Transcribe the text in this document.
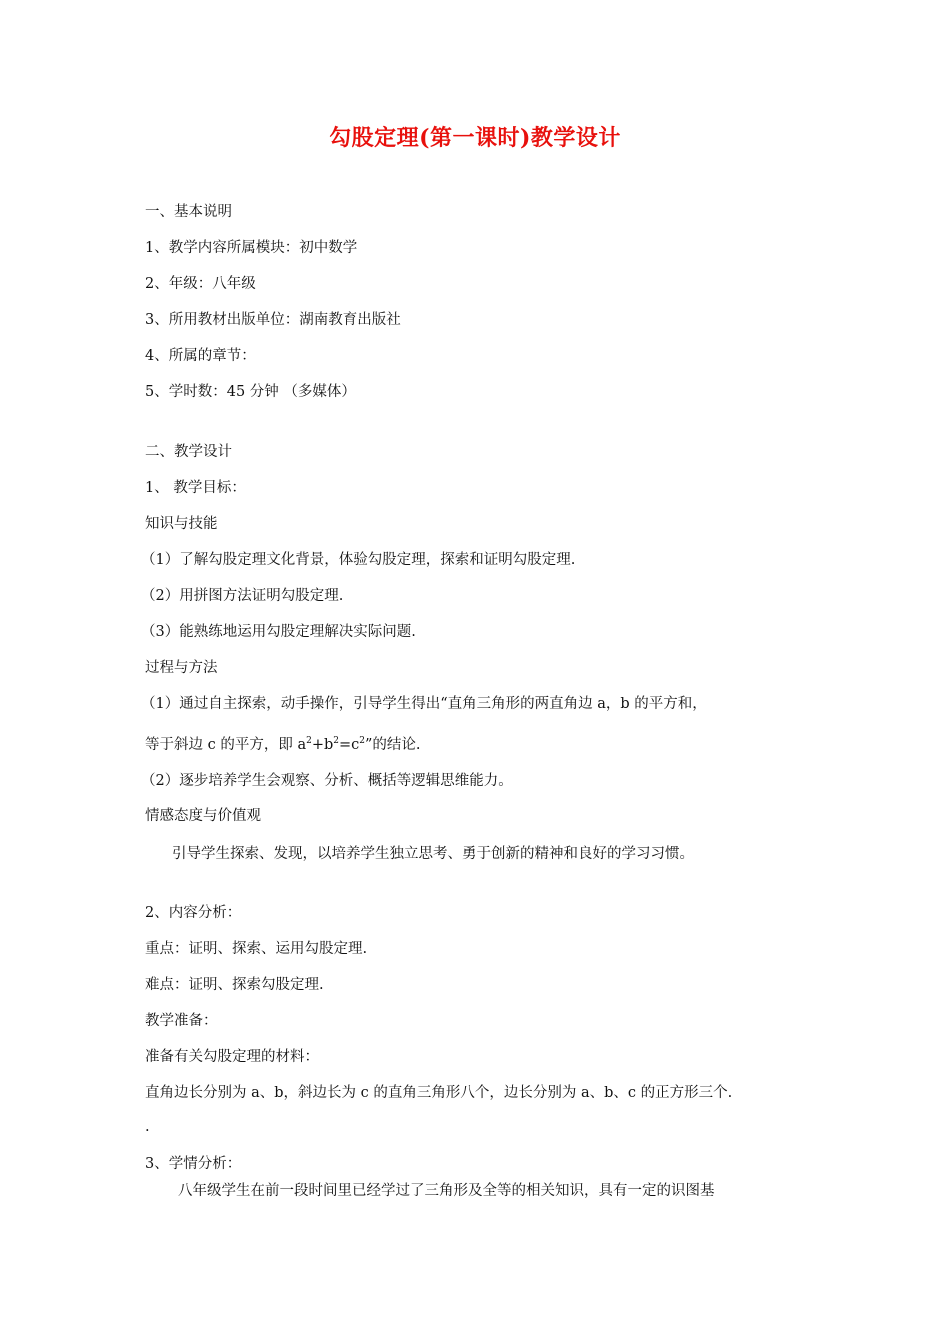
勾股定理(第一课时)教学设计
一、基本说明
1、教学内容所属模块：初中数学
2、年级：八年级
3、所用教材出版单位：湖南教育出版社
4、所属的章节：
5、学时数：45 分钟 （多媒体）
二、教学设计
1、 教学目标：
知识与技能
（1）了解勾股定理文化背景，体验勾股定理，探索和证明勾股定理.
（2）用拼图方法证明勾股定理.
（3）能熟练地运用勾股定理解决实际问题.
过程与方法
（1）通过自主探索，动手操作，引导学生得出“直角三角形的两直角边 a，b 的平方和，
等于斜边 c 的平方，即 $a^2+b^2=c^2$”的结论.
（2）逐步培养学生会观察、分析、概括等逻辑思维能力。
情感态度与价值观
引导学生探索、发现，以培养学生独立思考、勇于创新的精神和良好的学习习惯。
2、内容分析：
重点：证明、探索、运用勾股定理.
难点：证明、探索勾股定理.
教学准备：
准备有关勾股定理的材料：
直角边长分别为 a、b，斜边长为 c 的直角三角形八个，边长分别为 a、b、c 的正方形三个.
.
3、学情分析：
八年级学生在前一段时间里已经学过了三角形及全等的相关知识，具有一定的识图基
